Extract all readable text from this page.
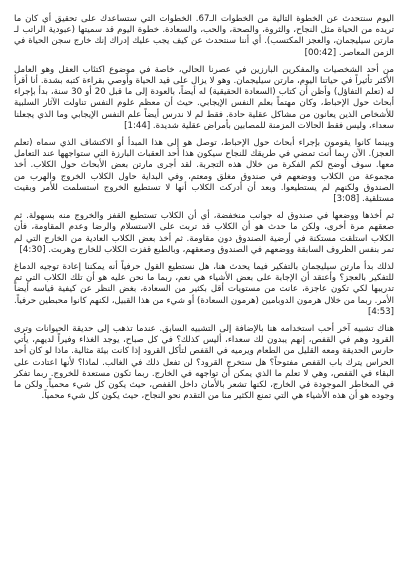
اليوم سنتحدث عن الخطوة التالية من الخطوات الـ67. الخطوات التي ستساعدك على تحقيق أي كان ما تريده من الحياة مثل النجاح، والثروة، والصحة، والحب، والسعادة. خطوة اليوم قد سميتها (عبودية الراتب لـ مارتن سيليجمان، والعجز المكتسب). أي أننا سنتحدث عن كيف يجب عليك إدراك إنك خارج سجن الحياة في الزمن المعاصر. [00:42]

من أحد الشخصيات والمفكرين البارزين في عصرنا الحالي، خاصة في موضوع اكتئاب العقل وهو العامل الأكثر تأثيراً في حياتنا اليوم، مارتن سيليجمان. وهو لا يزال على قيد الحياة وأوصي بقراءة كتبه بشدة. أنا أقرأ له (تعلم التفاؤل) وأظن أن كتاب (السعادة الحقيقية) له أيضاً، بالعودة إلى ما قبل 20 أو 30 سنة، بدأ بإجراء أبحاث حول الإحباط، وكان مهتماً بعلم النفس الإيجابي. حيث أن معظم علوم النفس تناولت الآثار السلبية للأشخاص الذين يعانون من مشاكل عقلية حادة. فقط لم لا ندرس أيضاً علم النفس الإيجابي وما الذي يجعلنا سعداء، وليس فقط الحالات المزمنة للمصابين بأمراض عقلية شديدة. [1:44]

وبينما كانوا يقومون بإجراء أبحاث حول الإحباط، توصل هو إلى هذا المبدأ أو الاكتشاف الذي سماه (تعلم العجز). الآن ربما أنت تمضي في طريقك للنجاح سيكون هذا أحد العقبات البارزة التي ستواجهها عند التعامل معها. سوف أوضح لكم الفكرة من خلال هذه التجربة. لقد أجرى مارتن بعض الأبحاث حول الكلاب. أخذ مجموعة من الكلاب ووضعهم في صندوق مغلق ومعتم، وفي البداية حاول الكلاب الخروج والهرب من الصندوق ولكنهم لم يستطيعوا. وبعد أن أدركت الكلاب أنها لا تستطيع الخروج استسلمت للأمر وبقيت مستلقية. [3:08]

ثم أخذها ووضعها في صندوق له جوانب منخفضة، أي أن الكلاب تستطيع القفز والخروج منه بسهولة. ثم صعقهم مرة أخرى، ولكن ما حدث هو أن الكلاب قد تربت على الاستسلام والرضا وعدم المقاومة، فأن الكلاب استلقت مستكنة في أرضية الصندوق دون مقاومة. ثم أخذ بعض الكلاب العادية من الخارج التي لم تمر بنفس الظروف السابقة ووضعهم في الصندوق وصعقهم، وبالطبع قفزت الكلاب للخارج وهربت. [4:30]

لذلك بدأ مارتن سيليجمان بالتفكير فيما يحدث هنا، هل نستطيع القول حرفياً أنه يمكننا إعادة توجيه الدماغ للتفكير بالعجز؟ وأعتقد أن الإجابة على بعض الأشياء هي نعم، ربما ما نحن عليه هو أن تلك الكلاب التي تم تدريبها لكي تكون عاجزة، عانت من مستويات أقل بكثير من السعادة، بغض النظر عن كيفية قياسه أيضاً الأمر. ربما من خلال هرمون الدوبامين (هرمون السعادة) أو شيء من هذا القبيل، لكنهم كانوا محبطين حرفياً. [4:53]

هناك تشبيه آخر أحب استخدامه هنا بالإضافة إلى التشبيه السابق. عندما تذهب إلى حديقة الحيوانات وترى القرود وهم في القفص، إنهم يبدون لك سعداء، أليس كذلك؟ في كل صباح، يوجد الغذاء وفيراً لديهم، يأتي حارس الحديقة ومعه القليل من الطعام ويرميه في القفص لتأكل القرود إذا كانت بيئة مثالية. ماذا لو كان أحد الحراس يترك باب القفص مفتوحاً؟ هل ستخرج القرود؟ لن تفعل ذلك في الغالب. لماذا؟ لأنها اعتادت على البقاء في القفص، وهي لا تعلم ما الذي يمكن أن تواجهه في الخارج. ربما تكون مستعدة للخروج. ربما تفكر في المخاطر الموجودة في الخارج، لكنها تشعر بالأمان داخل القفص، حيث يكون كل شيء محمياً. ولكن ما وجوده هو أن هذه الأشياء هي التي تمنع الكثير منا من التقدم نحو النجاح، حيث يكون كل شيء محمياً.
